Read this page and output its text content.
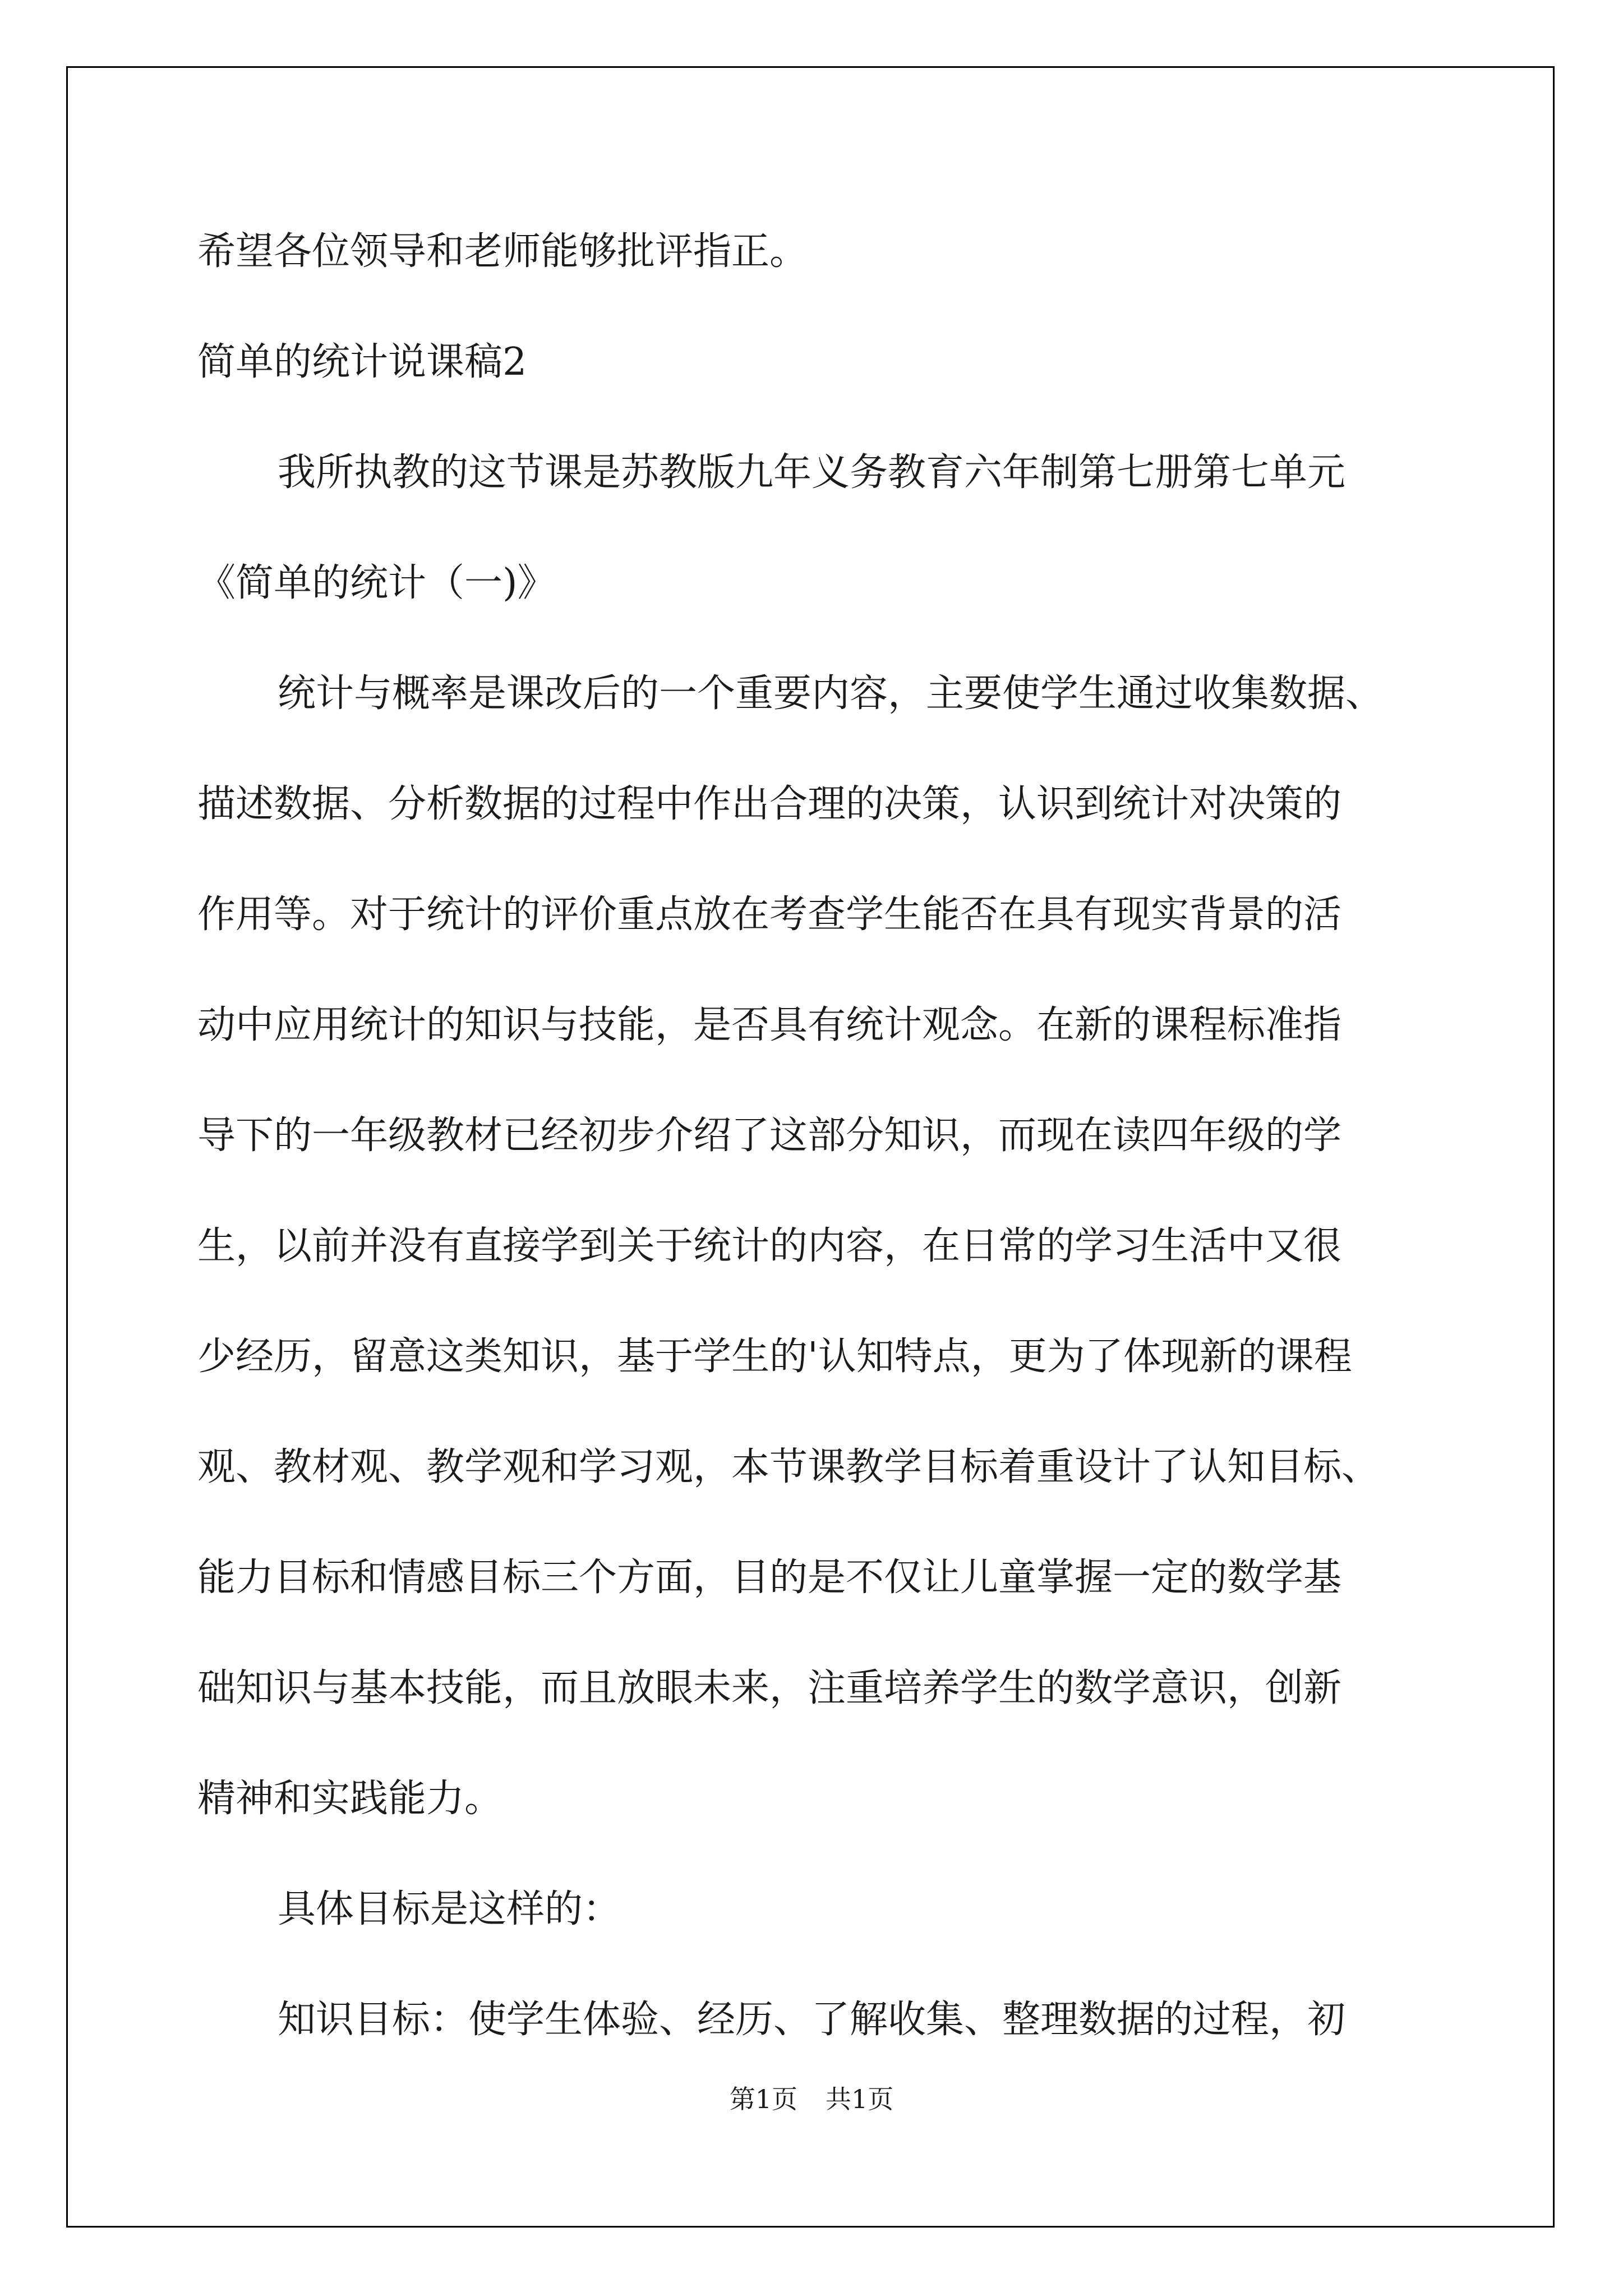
希望各位领导和老师能够批评指正。

简单的统计说课稿2

我所执教的这节课是苏教版九年义务教育六年制第七册第七单元
《简单的统计（一)》

统计与概率是课改后的一个重要内容，主要使学生通过收集数据、
描述数据、分析数据的过程中作出合理的决策，认识到统计对决策的
作用等。对于统计的评价重点放在考查学生能否在具有现实背景的活
动中应用统计的知识与技能，是否具有统计观念。在新的课程标准指
导下的一年级教材已经初步介绍了这部分知识，而现在读四年级的学
生，以前并没有直接学到关于统计的内容，在日常的学习生活中又很
少经历，留意这类知识，基于学生的'认知特点，更为了体现新的课程
观、教材观、教学观和学习观，本节课教学目标着重设计了认知目标、
能力目标和情感目标三个方面，目的是不仅让儿童掌握一定的数学基
础知识与基本技能，而且放眼未来，注重培养学生的数学意识，创新
精神和实践能力。

具体目标是这样的：

知识目标：使学生体验、经历、了解收集、整理数据的过程，初

第1页 共1页
